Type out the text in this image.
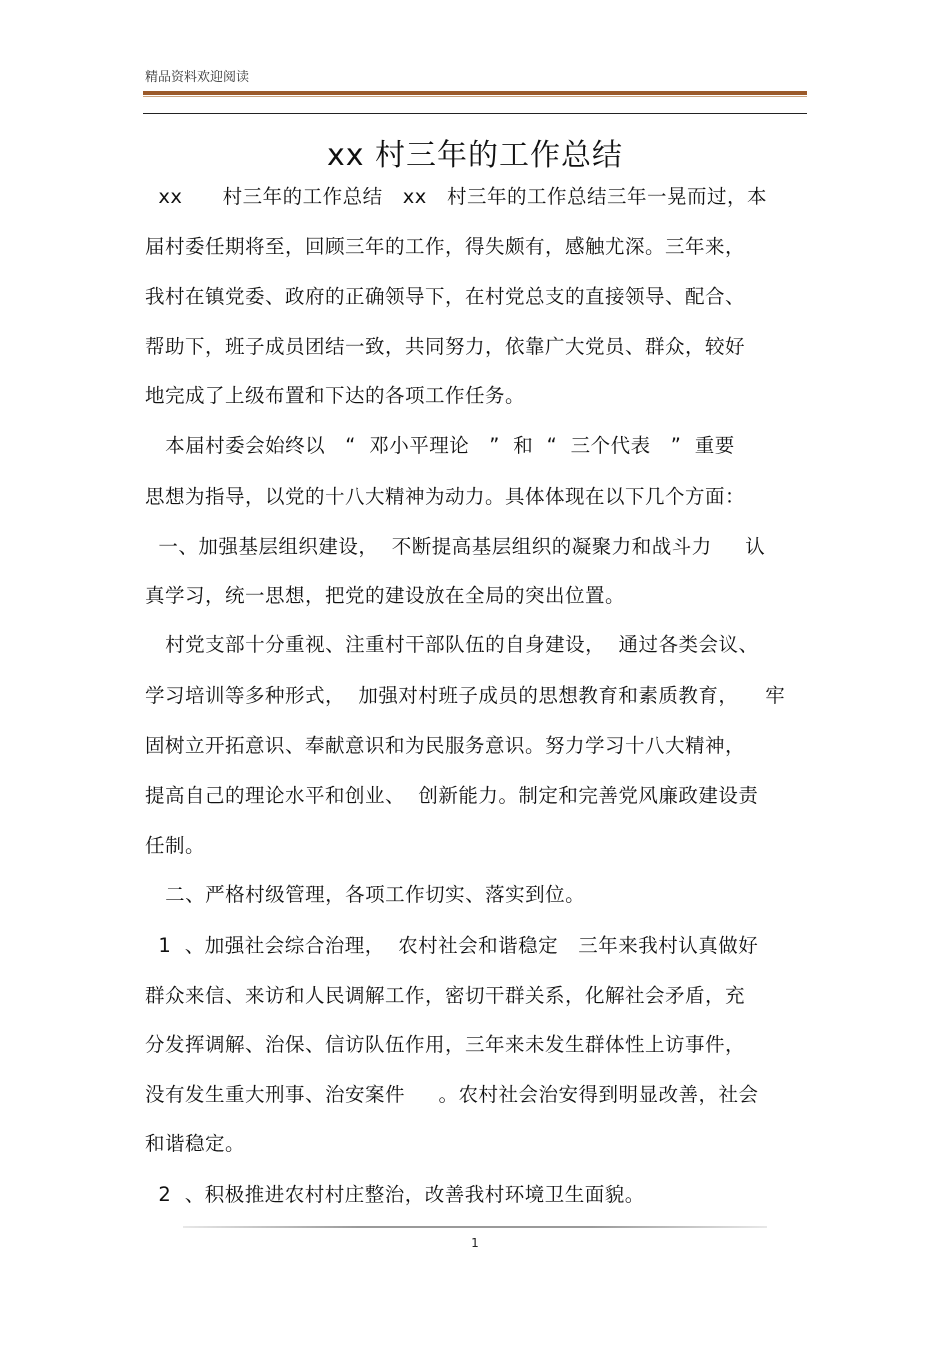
精品资料欢迎阅读
xx 村三年的工作总结
xx      村三年的工作总结   xx   村三年的工作总结三年一晃而过，本
届村委任期将至，回顾三年的工作，得失颇有，感触尤深。三年来，
我村在镇党委、政府的正确领导下，在村党总支的直接领导、配合、
帮助下，班子成员团结一致，共同努力，依靠广大党员、群众，较好
地完成了上级布置和下达的各项工作任务。
本届村委会始终以   “  邓小平理论   ”  和  “  三个代表   ”  重要
思想为指导，以党的十八大精神为动力。具体体现在以下几个方面：
一、加强基层组织建设，  不断提高基层组织的凝聚力和战斗力     认
真学习，统一思想，把党的建设放在全局的突出位置。
村党支部十分重视、注重村干部队伍的自身建设，  通过各类会议、
学习培训等多种形式，  加强对村班子成员的思想教育和素质教育，    牢
固树立开拓意识、奉献意识和为民服务意识。努力学习十八大精神，
提高自己的理论水平和创业、  创新能力。制定和完善党风廉政建设责
任制。
二、严格村级管理，各项工作切实、落实到位。
1  、加强社会综合治理，  农村社会和谐稳定   三年来我村认真做好
群众来信、来访和人民调解工作，密切干群关系，化解社会矛盾，充
分发挥调解、治保、信访队伍作用，三年来未发生群体性上访事件，
没有发生重大刑事、治安案件     。农村社会治安得到明显改善，社会
和谐稳定。
2  、积极推进农村村庄整治，改善我村环境卫生面貌。
1
